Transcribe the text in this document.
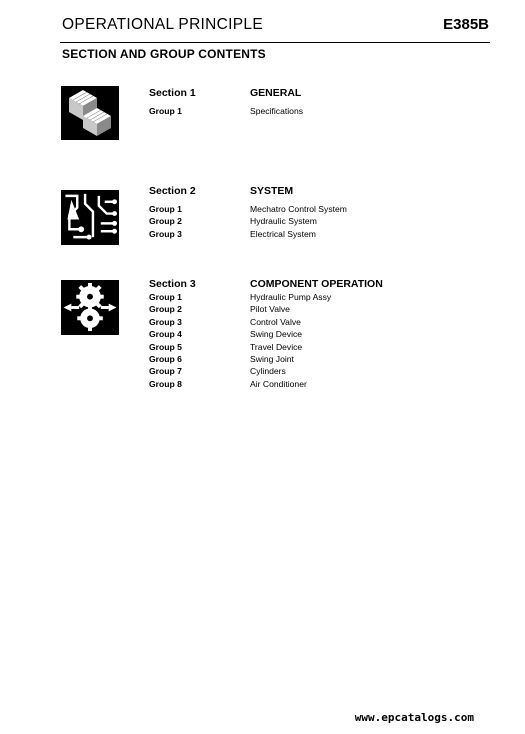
OPERATIONAL PRINCIPLE	E385B
SECTION AND GROUP CONTENTS
Section 1	GENERAL
Group 1	Specifications
Section 2	SYSTEM
Group 1	Mechatro Control System
Group 2	Hydraulic System
Group 3	Electrical System
Section 3	COMPONENT OPERATION
Group 1	Hydraulic Pump Assy
Group 2	Pilot Valve
Group 3	Control Valve
Group 4	Swing Device
Group 5	Travel Device
Group 6	Swing Joint
Group 7	Cylinders
Group 8	Air Conditioner
www.epcatalogs.com
